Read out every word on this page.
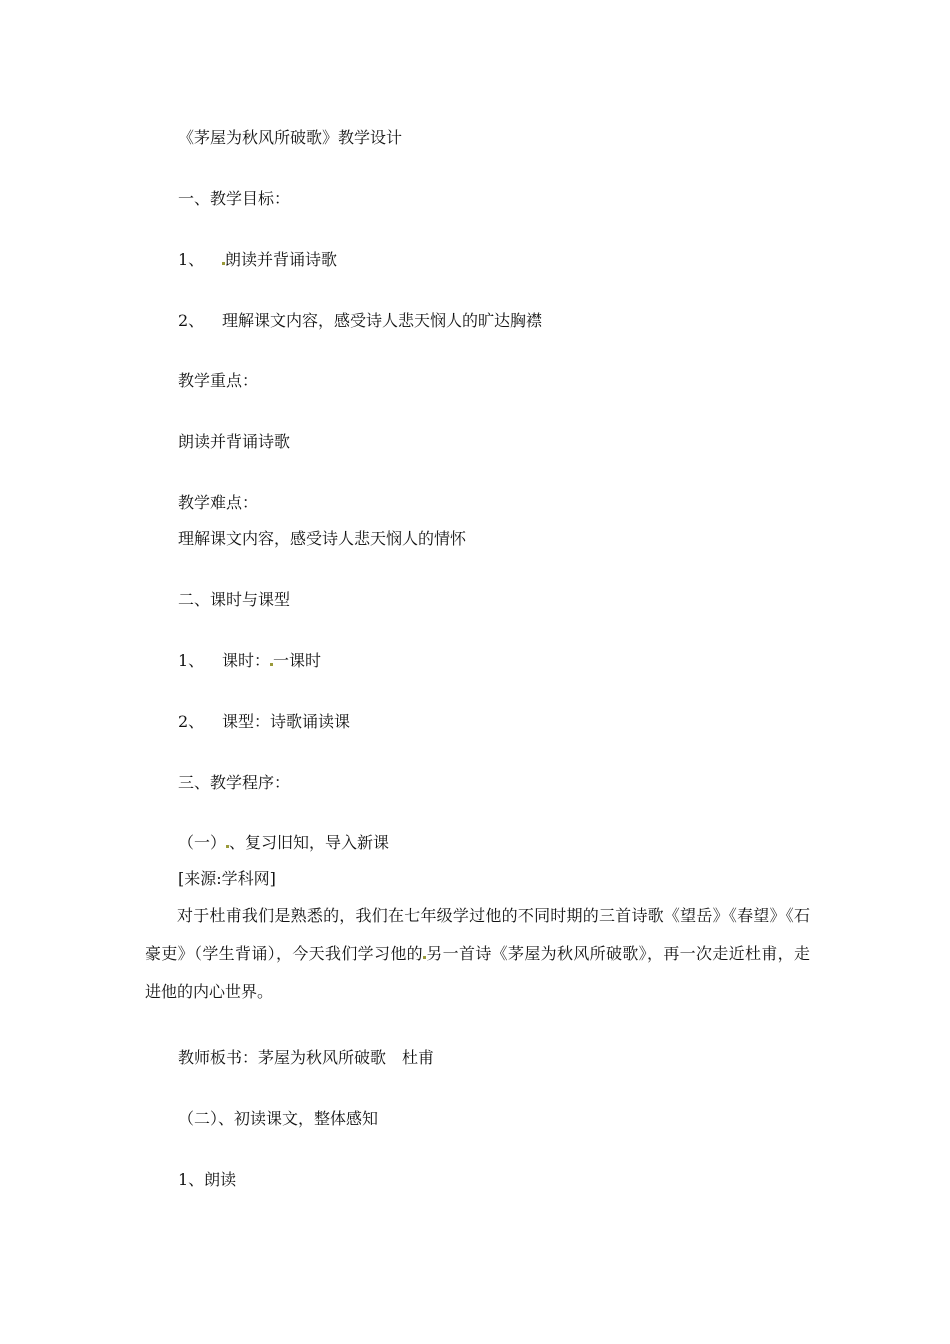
《茅屋为秋风所破歌》教学设计
一、教学目标：
1、 朗读并背诵诗歌
2、 理解课文内容，感受诗人悲天悯人的旷达胸襟
教学重点：
朗读并背诵诗歌
教学难点：
理解课文内容，感受诗人悲天悯人的情怀
二、课时与课型
1、 课时： 一课时
2、 课型：诗歌诵读课
三、教学程序：
（一） 、复习旧知，导入新课
[来源:学科网]
对于杜甫我们是熟悉的，我们在七年级学过他的不同时期的三首诗歌《望岳》《春望》《石豪吏》（学生背诵），今天我们学习他的 另一首诗《茅屋为秋风所破歌》，再一次走近杜甫，走进他的内心世界。
教师板书：茅屋为秋风所破歌　杜甫
（二）、初读课文，整体感知
1、朗读
